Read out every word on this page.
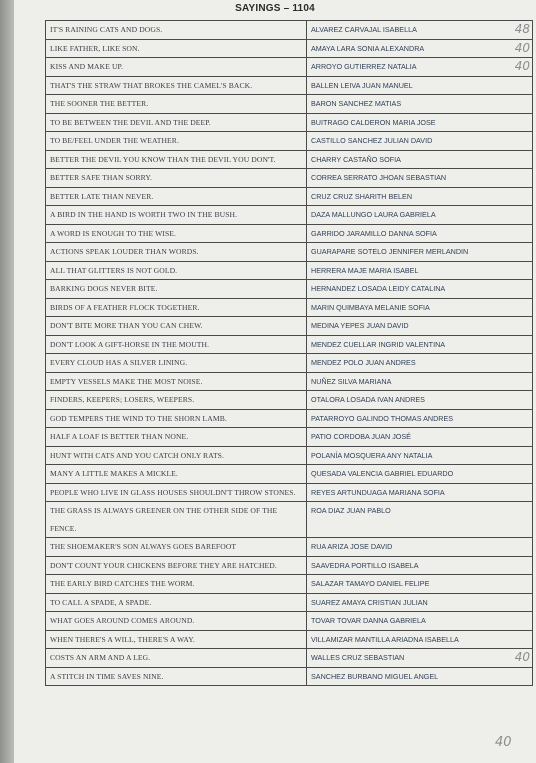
SAYINGS – 1104
IT'S RAINING CATS AND DOGS.	ALVAREZ CARVAJAL ISABELLA 48

LIKE FATHER, LIKE SON.	AMAYA LARA SONIA ALEXANDRA 40

KISS AND MAKE UP.	ARROYO GUTIERREZ NATALIA 40

THAT'S THE STRAW THAT BROKES THE CAMEL'S BACK.	BALLEN LEIVA JUAN MANUEL
THE SOONER THE BETTER.	BARON SANCHEZ MATIAS
TO BE BETWEEN THE DEVIL AND THE DEEP.	BUITRAGO CALDERON MARIA JOSE
TO BE/FEEL UNDER THE WEATHER.	CASTILLO SANCHEZ JULIAN DAVID
BETTER THE DEVIL YOU KNOW THAN THE DEVIL YOU DON'T.	CHARRY CASTAÑO SOFIA
BETTER SAFE THAN SORRY.	CORREA SERRATO JHOAN SEBASTIAN
BETTER LATE THAN NEVER.	CRUZ CRUZ SHARITH BELEN
A BIRD IN THE HAND IS WORTH TWO IN THE BUSH.	DAZA MALLUNGO LAURA GABRIELA
A WORD IS ENOUGH TO THE WISE.	GARRIDO JARAMILLO DANNA SOFIA
ACTIONS SPEAK LOUDER THAN WORDS.	GUARAPARE SOTELO JENNIFER MERLANDIN
ALL THAT GLITTERS IS NOT GOLD.	HERRERA MAJE MARIA ISABEL
BARKING DOGS NEVER BITE.	HERNANDEZ LOSADA LEIDY CATALINA
BIRDS OF A FEATHER FLOCK TOGETHER.	MARIN QUIMBAYA MELANIE SOFIA
DON'T BITE MORE THAN YOU CAN CHEW.	MEDINA YEPES JUAN DAVID
DON'T LOOK A GIFT-HORSE IN THE MOUTH.	MENDEZ CUELLAR INGRID VALENTINA
EVERY CLOUD HAS A SILVER LINING.	MENDEZ POLO JUAN ANDRES
EMPTY VESSELS MAKE THE MOST NOISE.	NUÑEZ SILVA MARIANA
FINDERS, KEEPERS; LOSERS, WEEPERS.	OTALORA LOSADA IVAN ANDRES
GOD TEMPERS THE WIND TO THE SHORN LAMB.	PATARROYO GALINDO THOMAS ANDRES
HALF A LOAF IS BETTER THAN NONE.	PATIO CORDOBA JUAN JOSÉ
HUNT WITH CATS AND YOU CATCH ONLY RATS.	POLANÍA MOSQUERA ANY NATALIA
MANY A LITTLE MAKES A MICKLE.	QUESADA VALENCIA GABRIEL EDUARDO
PEOPLE WHO LIVE IN GLASS HOUSES SHOULDN'T THROW STONES.	REYES ARTUNDUAGA MARIANA SOFIA
THE GRASS IS ALWAYS GREENER ON THE OTHER SIDE OF THE FENCE.	ROA DIAZ JUAN PABLO
THE SHOEMAKER'S SON ALWAYS GOES BAREFOOT	RUA ARIZA JOSE DAVID
DON'T COUNT YOUR CHICKENS BEFORE THEY ARE HATCHED.	SAAVEDRA PORTILLO ISABELA
THE EARLY BIRD CATCHES THE WORM.	SALAZAR TAMAYO DANIEL FELIPE
TO CALL A SPADE, A SPADE.	SUAREZ AMAYA CRISTIAN JULIAN
WHAT GOES AROUND COMES AROUND.	TOVAR TOVAR DANNA GABRIELA
WHEN THERE'S A WILL, THERE'S A WAY.	VILLAMIZAR MANTILLA ARIADNA ISABELLA
COSTS AN ARM AND A LEG.	WALLES CRUZ SEBASTIAN 40

A STITCH IN TIME SAVES NINE.	SANCHEZ BURBANO MIGUEL ANGEL
40
